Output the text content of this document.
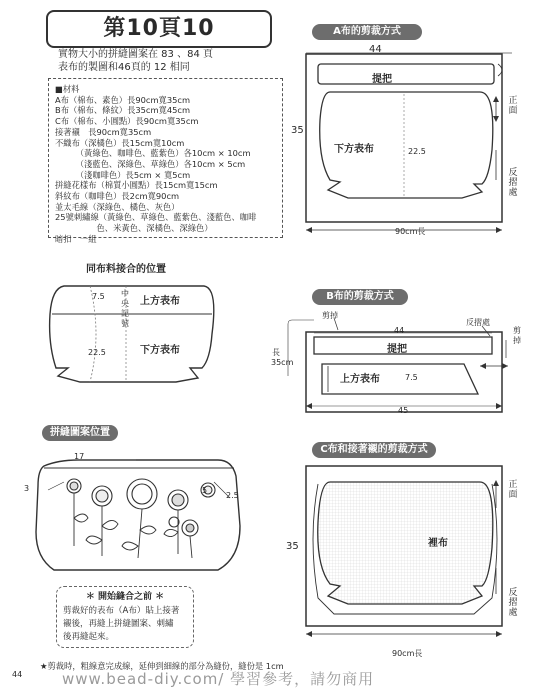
第10頁10
實物大小的拼縫圖案在 83 、84 頁
表布的製圖和46頁的 12 相同
■材料
A布（棉布、素色）長90cm寬35cm
B布（棉布、條紋）長35cm寬45cm
C布（棉布、小圓點）長90cm寬35cm
接著襯　長90cm寬35cm
不織布（深橘色）長15cm寬10cm
　　　（黃綠色、咖啡色、藍紫色）各10cm × 10cm
　　　（淺藍色、深綠色、草綠色）各10cm × 5cm
　　　（淺咖啡色）長5cm × 寬5cm
拼縫花樣布（棉質小圓點）長15cm寬15cm
斜紋布（咖啡色）長2cm寬90cm
並太毛線（深綠色、橘色、灰色）
25號刺繡線（黃綠色、草綠色、藍紫色、淺藍色、咖啡
　　　　　色、米黃色、深橘色、深綠色）
暗扣　一組
A布的剪裁方式
44
提把
35
下方表布	22.5
正面
反摺處
90cm長
同布料接合的位置
7.5 中央記號
上方表布
下方表布
22.5
B布的剪裁方式
剪掉
反摺處
剪掉
44
提把
長35cm
上方表布	7.5
45
拼縫圖案位置
17
3	5
2.5
＊ 開始縫合之前 ＊
剪裁好的表布（A布）貼上接著
襯後，再縫上拼縫圖案、刺繡
後再縫起來。
C布和接著襯的剪裁方式
35	裡布
正面
反摺處
90cm長
★剪裁時，粗線意完成線，延伸到細線的部分為縫份，縫份是 1cm
44	www.bead-diy.com/ 學習參考，請勿商用
